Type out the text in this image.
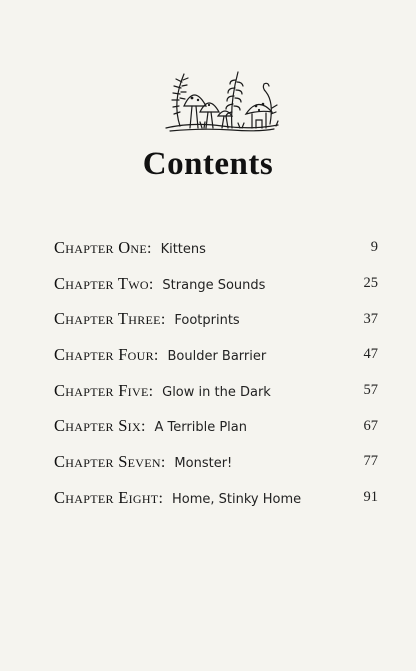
Contents
Chapter One: Kittens	9
Chapter Two: Strange Sounds	25
Chapter Three: Footprints	37
Chapter Four: Boulder Barrier	47
Chapter Five: Glow in the Dark	57
Chapter Six: A Terrible Plan	67
Chapter Seven: Monster!	77
Chapter Eight: Home, Stinky Home	91
